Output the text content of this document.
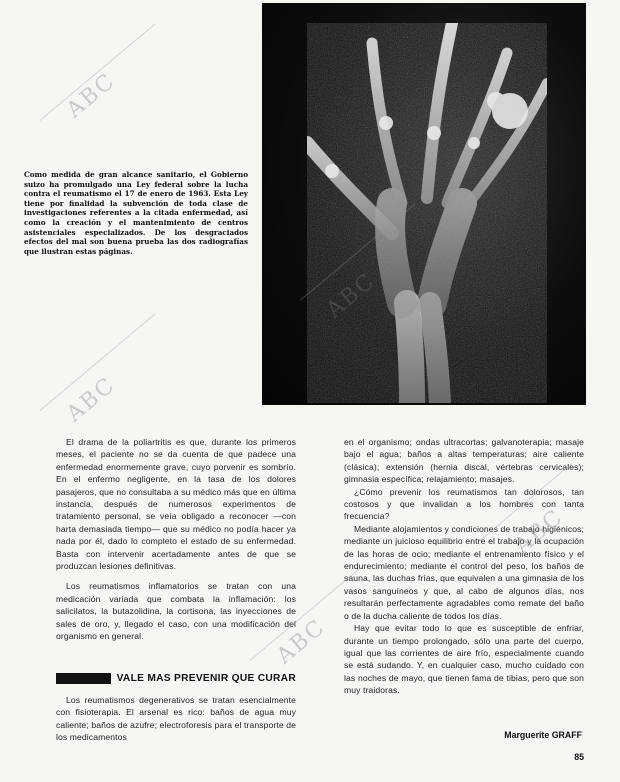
Como medida de gran alcance sanitario, el Gobierno suizo ha promulgado una Ley federal sobre la lucha contra el reumatismo el 17 de enero de 1963. Esta Ley tiene por finalidad la subvención de toda clase de investigaciones referentes a la citada enfermedad, así como la creación y el mantenimiento de centros asistenciales especializados. De los desgraciados efectos del mal son buena prueba las dos radiografías que ilustran estas páginas.

El drama de la poliartritis es que, durante los primeros meses, el paciente no se da cuenta de que padece una enfermedad enormemente grave, cuyo porvenir es sombrío. En el enfermo negligente, en la tasa de los dolores pasajeros, que no consultaba a su médico más que en última instancia, después de numerosos experimentos de tratamiento personal, se veía obligado a reconocer —con harta demasiada tiempo— que su médico no podía hacer ya nada por él, dado lo completo el estado de su enfermedad. Basta con intervenir acertadamente antes de que se produzcan lesiones definitivas.

Los reumatismos inflamatorios se tratan con una medicación variada que combata la inflamación: los salicilatos, la butazolidina, la cortisona, las inyecciones de sales de oro, y, llegado el caso, con una modificación del organismo en general.

VALE MAS PREVENIR QUE CURAR

Los reumatismos degenerativos se tratan esencialmente con fisioterapia. El arsenal es rico: baños de agua muy caliente; baños de azufre; electroforesis para el transporte de los medicamentos

en el organismo; ondas ultracortas; galvanoterapia; masaje bajo el agua; baños a altas temperaturas; aire caliente (clásica); extensión (hernia discal, vértebras cervicales); gimnasia específica; relajamiento; masajes.

¿Cómo prevenir los reumatismos tan dolorosos, tan costosos y que invalidan a los hombres con tanta frecuencia?

Mediante alojamientos y condiciones de trabajo higiénicos; mediante un juicioso equilibrio entre el trabajo y la ocupación de las horas de ocio; mediante el entrenamiento físico y el endurecimiento; mediante el control del peso, los baños de sauna, las duchas frías, que equivalen a una gimnasia de los vasos sanguíneos y que, al cabo de algunos días, nos resultarán perfectamente agradables como remate del baño o de la ducha caliente de todos los días.

Hay que evitar todo lo que es susceptible de enfriar, durante un tiempo prolongado, sólo una parte del cuerpo, igual que las corrientes de aire frío, especialmente cuando se está sudando. Y, en cualquier caso, mucho cuidado con las noches de mayo, que tienen fama de tibias, pero que son muy traidoras.

Marguerite GRAFF
85
ABC
ABC
ABC
ABC
ABC
